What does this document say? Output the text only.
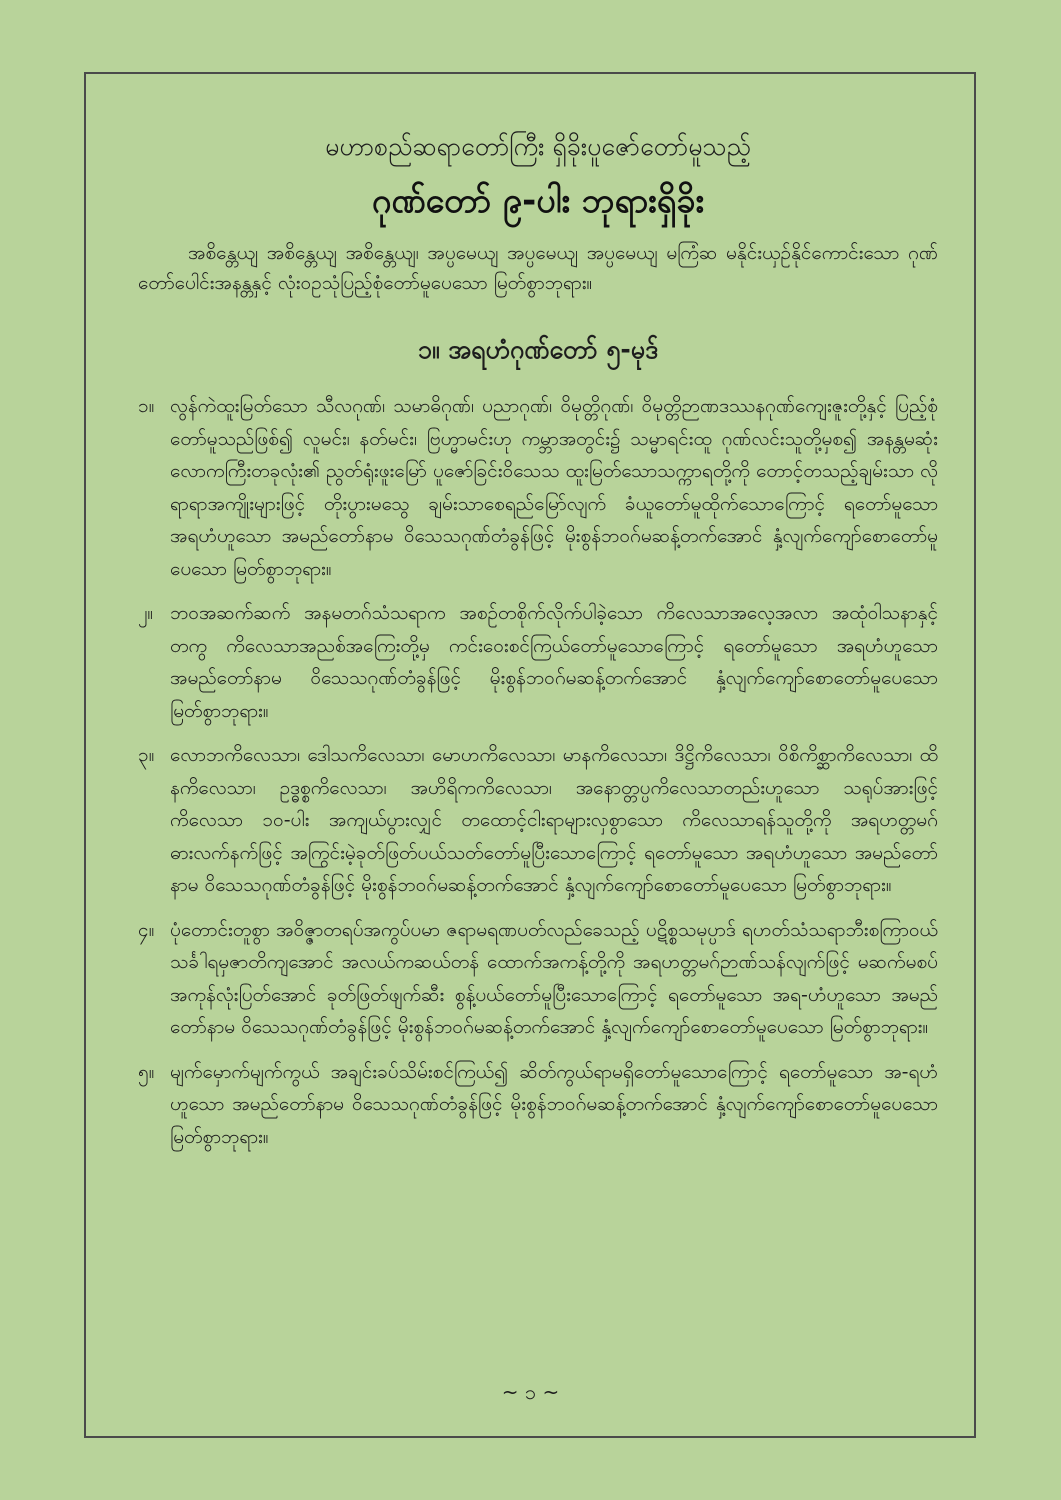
မဟာစည်ဆရာတော်ကြီး ရှိခိုးပူဇော်တော်မူသည့်
ဂုဏ်တော် ၉-ပါး ဘုရားရှိခိုး

အစိန္တေယျ အစိန္တေယျ အစိန္တေယျ၊ အပ္ပမေယျ အပ္ပမေယျ အပ္ပမေယျ မကြံဆ မနိုင်းယှဉ်နိုင်ကောင်းသော ဂုဏ်တော်ပေါင်းအနန္တနှင့် လုံးဝဥသုံပြည့်စုံတော်မူပေသော မြတ်စွာဘုရား။

၁။ အရဟံဂုဏ်တော် ၅-မုဒ်
၁။ လွန်ကဲထူးမြတ်သော သီလဂုဏ်၊ သမာဓိဂုဏ်၊ ပညာဂုဏ်၊ ဝိမုတ္တိဂုဏ်၊ ဝိမုတ္တိဉာဏဒဿနဂုဏ်ကျေးဇူးတို့နှင့် ပြည့်စုံတော်မူသည်ဖြစ်၍ လူမင်း၊ နတ်မင်း၊ ဗြဟ္မာမင်းဟု ကမ္ဘာအတွင်း၌ သမ္မာရင်းထူ ဂုဏ်လင်းသူတို့မှစ၍ အနန္တမဆုံး လောကကြီးတခုလုံး၏ ညွတ်ရုံးဖူးမြော် ပူဇော်ခြင်းဝိသေသ ထူးမြတ်သောသက္ကာရတို့ကို တောင့်တသည့်ချမ်းသာ လိုရာရာအကျိုးများဖြင့် တိုးပွားမသွေ ချမ်းသာစေရည်မြော်လျက် ခံယူတော်မူထိုက်သောကြောင့် ရတော်မူသော အရဟံဟူသော အမည်တော်နာမ ဝိသေသဂုဏ်တံခွန်ဖြင့် မိုးစွန်ဘဝဂ်မဆန့်တက်အောင် နှံ့လျက်ကျော်စောတော်မူပေသော မြတ်စွာဘုရား။
၂။ ဘဝအဆက်ဆက် အနမတဂ်သံသရာက အစဉ်တစိုက်လိုက်ပါခဲ့သော ကိလေသာအလေ့အလာ အထုံဝါသနာနှင့်တကွ ကိလေသာအညစ်အကြေးတို့မှ ကင်းဝေးစင်ကြယ်တော်မူသောကြောင့် ရတော်မူသော အရဟံဟူသော အမည်တော်နာမ ဝိသေသဂုဏ်တံခွန်ဖြင့် မိုးစွန်ဘဝဂ်မဆန့်တက်အောင် နှံ့လျက်ကျော်စောတော်မူပေသော မြတ်စွာဘုရား။
၃။ လောဘကိလေသာ၊ ဒေါသကိလေသာ၊ မောဟကိလေသာ၊ မာနကိလေသာ၊ ဒိဋ္ဌိကိလေသာ၊ ဝိစိကိစ္ဆာကိလေသာ၊ ထိနကိလေသာ၊ ဥဒ္ဓစ္စကိလေသာ၊ အဟိရိကကိလေသာ၊ အနောတ္တပ္ပကိလေသာတည်းဟူသော သရုပ်အားဖြင့် ကိလေသာ ၁၀-ပါး အကျယ်ပွားလျှင် တထောင့်ငါးရာများလှစွာသော ကိလေသာရန်သူတို့ကို အရဟတ္တမဂ်ဓားလက်နက်ဖြင့် အကြွင်းမဲ့ခုတ်ဖြတ်ပယ်သတ်တော်မူပြီးသောကြောင့် ရတော်မူသော အရဟံဟူသော အမည်တော်နာမ ဝိသေသဂုဏ်တံခွန်ဖြင့် မိုးစွန်ဘဝဂ်မဆန့်တက်အောင် နှံ့လျက်ကျော်စောတော်မူပေသော မြတ်စွာဘုရား။
၄။ ပုံတောင်းတူစွာ အဝိဇ္ဇာတရပ်အကွပ်ပမာ ဇရာမရဏပတ်လည်ခေသည့် ပဋိစ္စသမုပ္ပာဒ် ရဟတ်သံသရာဘီးစကြာဝယ် သင်္ခါရမှဇာတိကျအောင် အလယ်ကဆယ်တန် ထောက်အကန့်တို့ကို အရဟတ္တမဂ်ဉာဏ်သန်လျက်ဖြင့် မဆက်မစပ် အကုန်လုံးပြတ်အောင် ခုတ်ဖြတ်ဖျက်ဆီး စွန့်ပယ်တော်မူပြီးသောကြောင့် ရတော်မူသော အရ-ဟံဟူသော အမည်တော်နာမ ဝိသေသဂုဏ်တံခွန်ဖြင့် မိုးစွန်ဘဝဂ်မဆန့်တက်အောင် နှံ့လျက်ကျော်စောတော်မူပေသော မြတ်စွာဘုရား။
၅။ မျက်မှောက်မျက်ကွယ် အချင်းခပ်သိမ်းစင်ကြယ်၍ ဆိတ်ကွယ်ရာမရှိတော်မူသောကြောင့် ရတော်မူသော အ-ရဟံဟူသော အမည်တော်နာမ ဝိသေသဂုဏ်တံခွန်ဖြင့် မိုးစွန်ဘဝဂ်မဆန့်တက်အောင် နှံ့လျက်ကျော်စောတော်မူပေသော မြတ်စွာဘုရား။
~ ၁ ~
